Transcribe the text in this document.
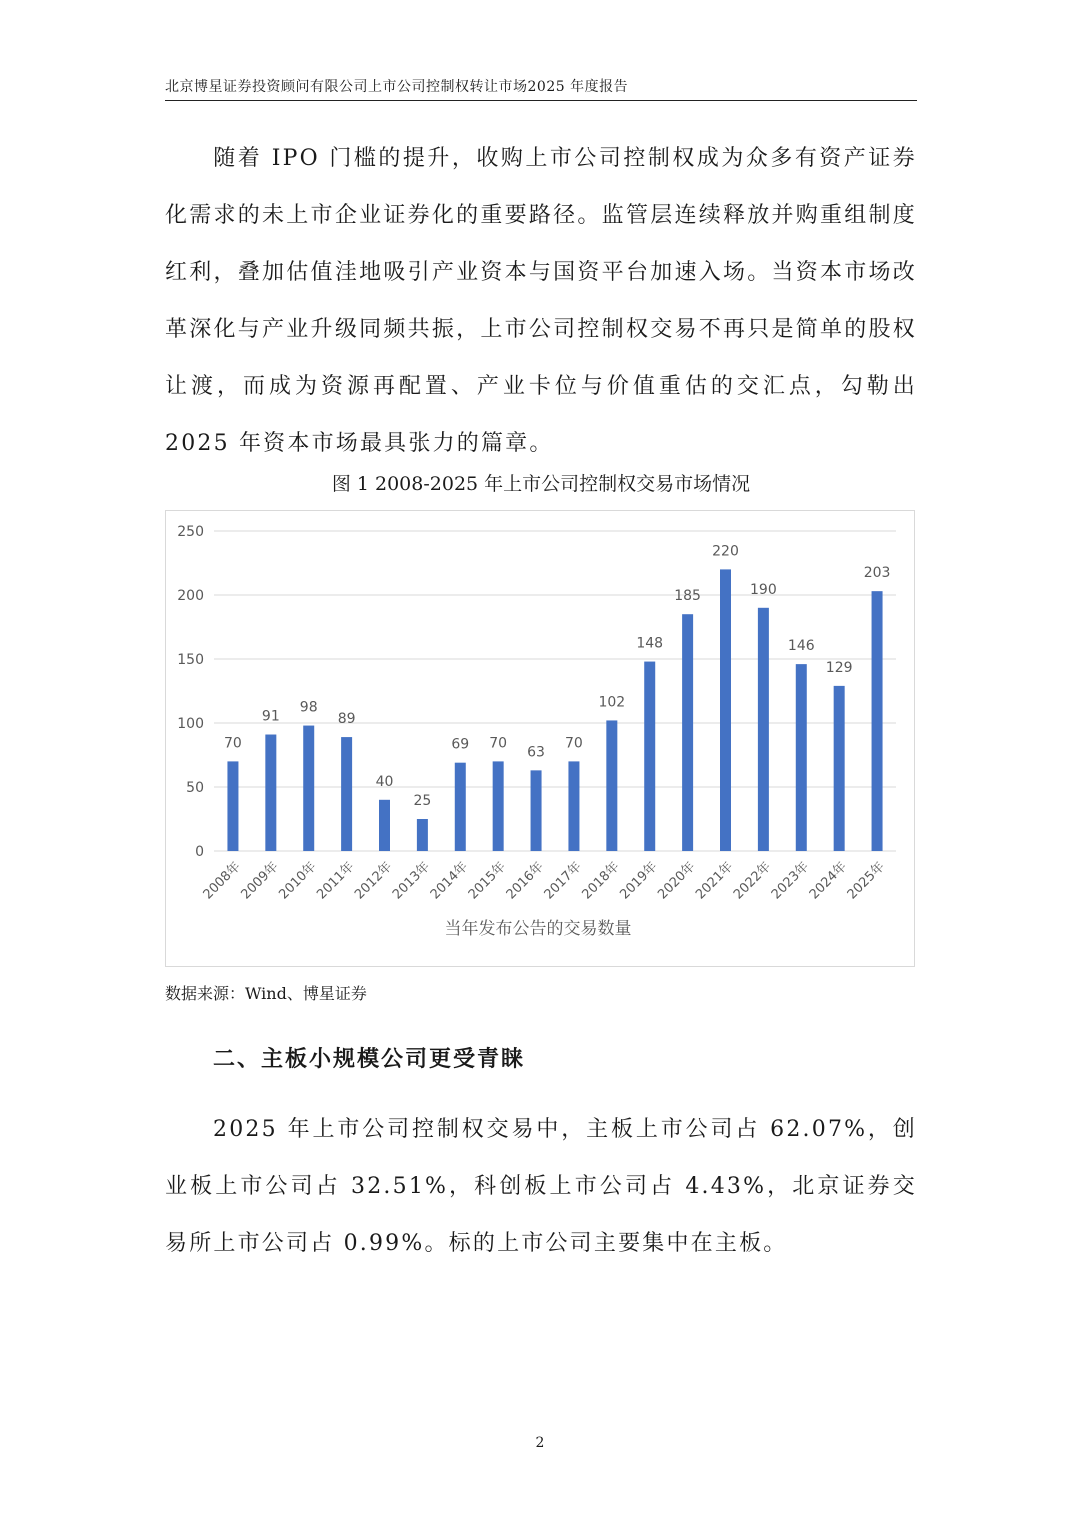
北京博星证券投资顾问有限公司上市公司控制权转让市场2025 年度报告

随着 IPO 门槛的提升，收购上市公司控制权成为众多有资产证券化需求的未上市企业证券化的重要路径。监管层连续释放并购重组制度红利，叠加估值洼地吸引产业资本与国资平台加速入场。当资本市场改革深化与产业升级同频共振，上市公司控制权交易不再只是简单的股权让渡，而成为资源再配置、产业卡位与价值重估的交汇点，勾勒出 2025 年资本市场最具张力的篇章。

图 1 2008-2025 年上市公司控制权交易市场情况
0
50
100
150
200
250
70
91
98
89
40
25
69 70
63
70
102
148
185
220
190
146
129
203
2008年
2009年
2010年
2011年
2012年
2013年
2014年
2015年
2016年
2017年
2018年
2019年
2020年
2021年
2022年
2023年
2024年
2025年
当年发布公告的交易数量
数据来源：Wind、博星证券
二、主板小规模公司更受青睐

2025 年上市公司控制权交易中，主板上市公司占 62.07%，创业板上市公司占 32.51%，科创板上市公司占 4.43%，北京证券交易所上市公司占 0.99%。标的上市公司主要集中在主板。

2
